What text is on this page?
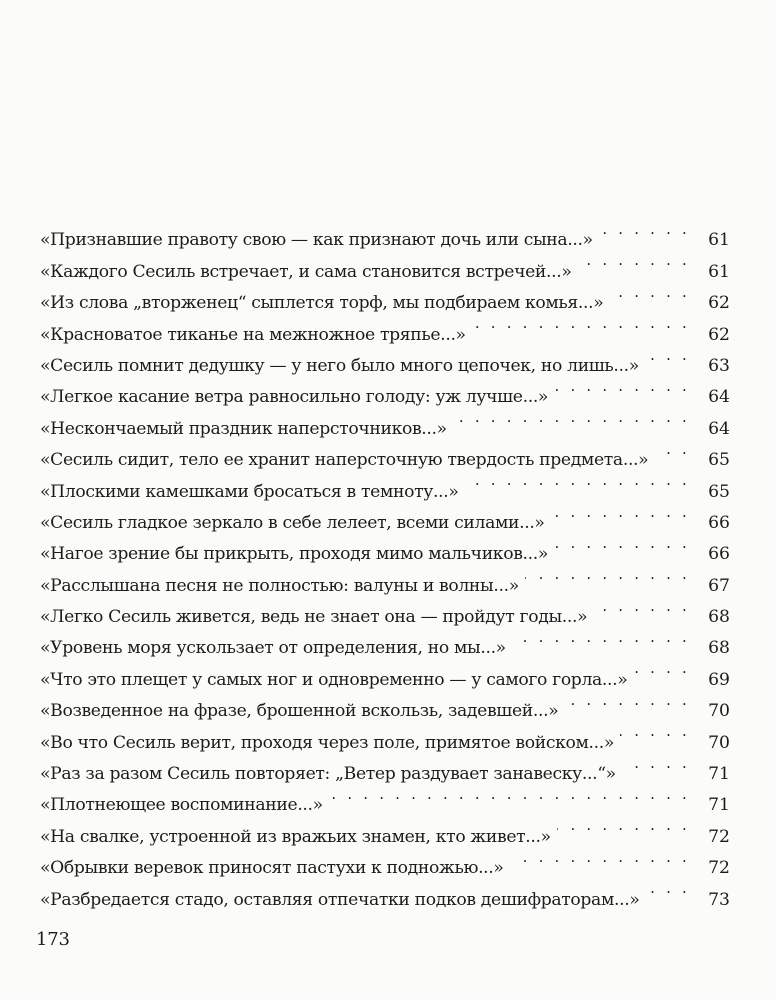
«Признавшие правоту свою — как признают дочь или сына...» . . .	61
«Каждого Сесиль встречает, и сама становится встречей...» . . .	61
«Из слова „вторженец“ сыплется торф, мы подбираем комья...» . . .	62
«Красноватое тиканье на межножное тряпье...» . . .	62
«Сесиль помнит дедушку — у него было много цепочек, но лишь...» . . .	63
«Легкое касание ветра равносильно голоду: уж лучше...» . . .	64
«Нескончаемый праздник наперсточников...» . . .	64
«Сесиль сидит, тело ее хранит наперсточную твердость предмета...» . . .	65
«Плоскими камешками бросаться в темноту...» . . .	65
«Сесиль гладкое зеркало в себе лелеет, всеми силами...» . . .	66
«Нагое зрение бы прикрыть, проходя мимо мальчиков...» . . .	66
«Расслышана песня не полностью: валуны и волны...» . . .	67
«Легко Сесиль живется, ведь не знает она — пройдут годы...» . . .	68
«Уровень моря ускользает от определения, но мы...» . . .	68
«Что это плещет у самых ног и одновременно — у самого горла...» . . .	69
«Возведенное на фразе, брошенной вскользь, задевшей...» . . .	70
«Во что Сесиль верит, проходя через поле, примятое войском...» . . .	70
«Раз за разом Сесиль повторяет: „Ветер раздувает занавеску...“» . . .	71
«Плотнеющее воспоминание...» . . .	71
«На свалке, устроенной из вражьих знамен, кто живет...» . . .	72
«Обрывки веревок приносят пастухи к подножью...» . . .	72
«Разбредается стадо, оставляя отпечатки подков дешифраторам...» . . .	73
173
